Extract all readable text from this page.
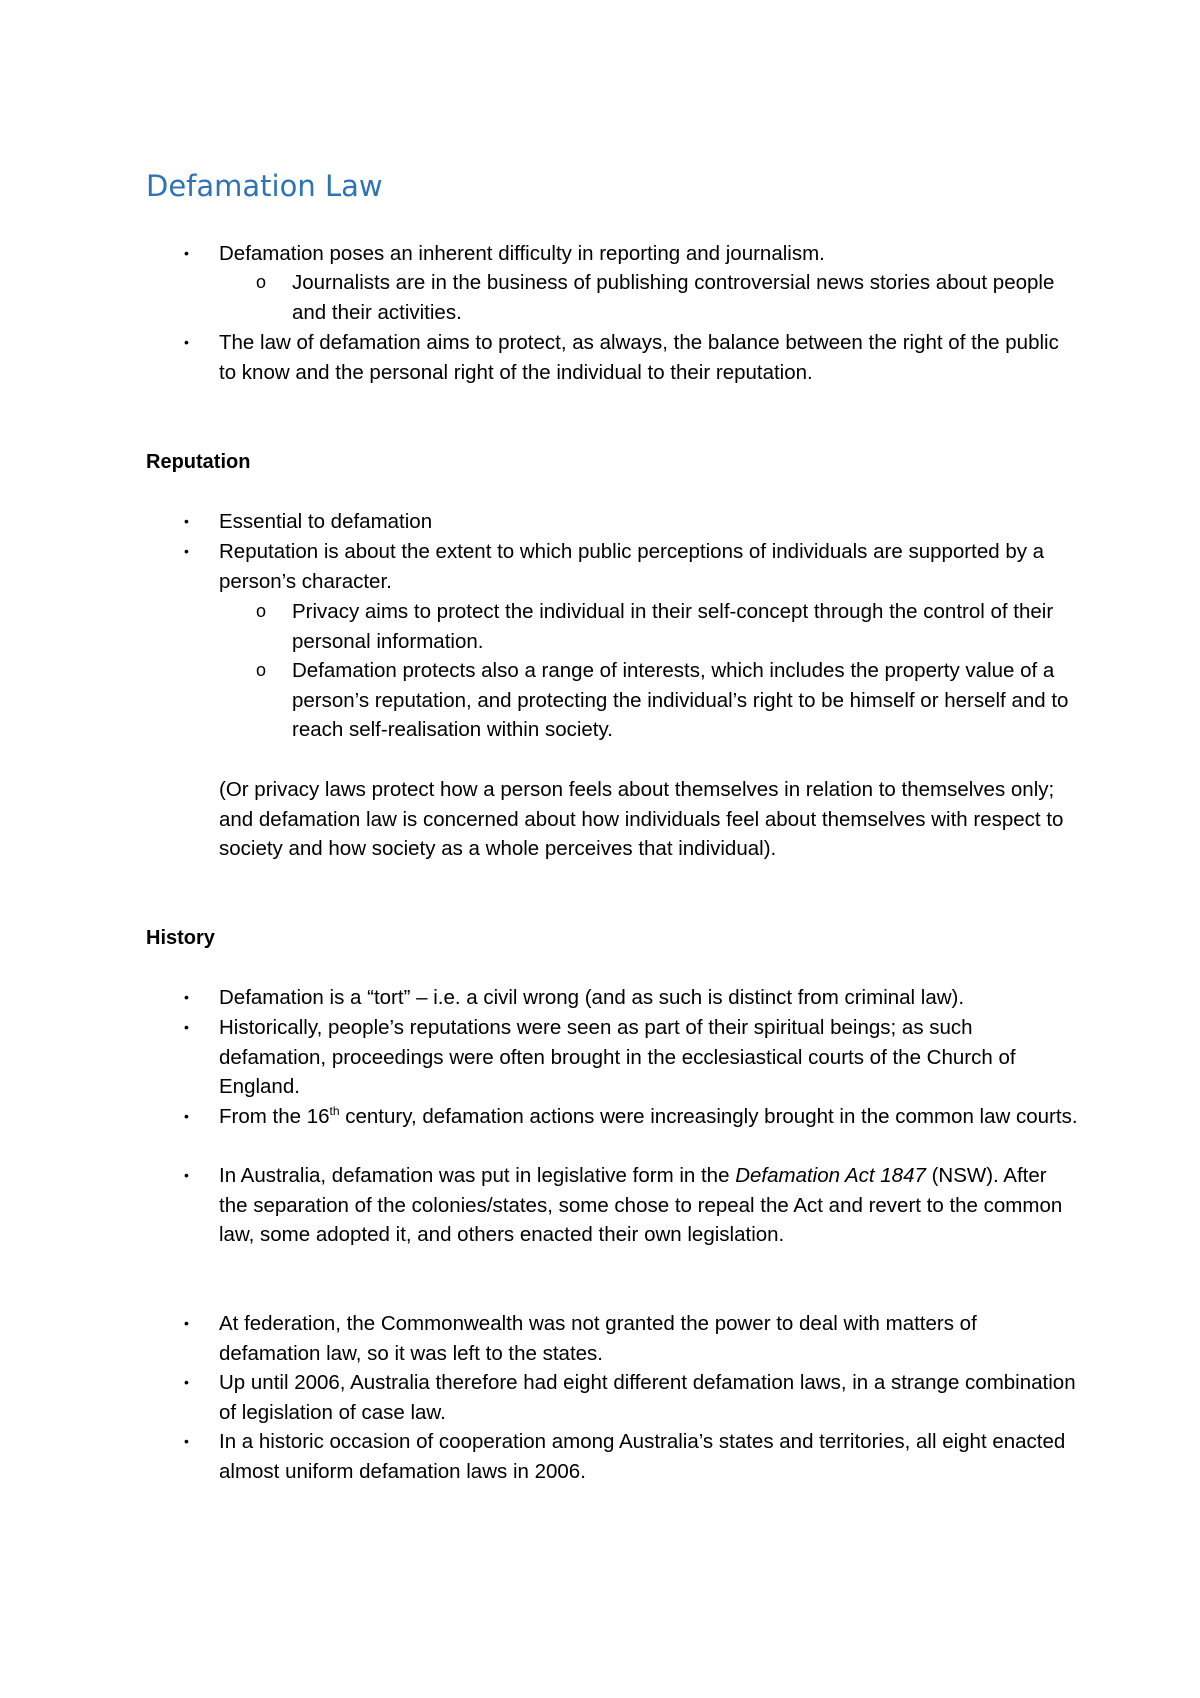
Defamation Law
• Defamation poses an inherent difficulty in reporting and journalism.

o Journalists are in the business of publishing controversial news stories about people and their activities.

• The law of defamation aims to protect, as always, the balance between the right of the public to know and the personal right of the individual to their reputation.

Reputation
• Essential to defamation

• Reputation is about the extent to which public perceptions of individuals are supported by a person’s character.

o Privacy aims to protect the individual in their self-concept through the control of their personal information.

o Defamation protects also a range of interests, which includes the property value of a person’s reputation, and protecting the individual’s right to be himself or herself and to reach self-realisation within society.

(Or privacy laws protect how a person feels about themselves in relation to themselves only; and defamation law is concerned about how individuals feel about themselves with respect to society and how society as a whole perceives that individual).

History
• Defamation is a “tort” – i.e. a civil wrong (and as such is distinct from criminal law).

• Historically, people’s reputations were seen as part of their spiritual beings; as such defamation, proceedings were often brought in the ecclesiastical courts of the Church of England.

• From the 16th century, defamation actions were increasingly brought in the common law courts.

• In Australia, defamation was put in legislative form in the Defamation Act 1847 (NSW). After the separation of the colonies/states, some chose to repeal the Act and revert to the common law, some adopted it, and others enacted their own legislation.

• At federation, the Commonwealth was not granted the power to deal with matters of defamation law, so it was left to the states.

• Up until 2006, Australia therefore had eight different defamation laws, in a strange combination of legislation of case law.

• In a historic occasion of cooperation among Australia’s states and territories, all eight enacted almost uniform defamation laws in 2006.
